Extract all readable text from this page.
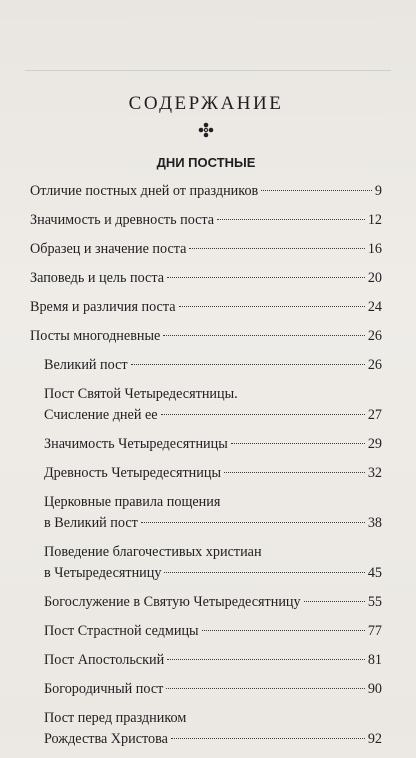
СОДЕРЖАНИЕ
ДНИ ПОСТНЫЕ
Отличие постных дней от праздников	9
Значимость и древность поста	12
Образец и значение поста	16
Заповедь и цель поста	20
Время и различия поста	24
Посты многодневные	26
Великий пост	26
Пост Святой Четыредесятницы.
Счисление дней ее	27
Значимость Четыредесятницы	29
Древность Четыредесятницы	32
Церковные правила пощения
в Великий пост	38
Поведение благочестивых христиан
в Четыредесятницу	45
Богослужение в Святую Четыредесятницу	55
Пост Страстной седмицы	77
Пост Апостольский	81
Богородичный пост	90
Пост перед праздником
Рождества Христова	92
